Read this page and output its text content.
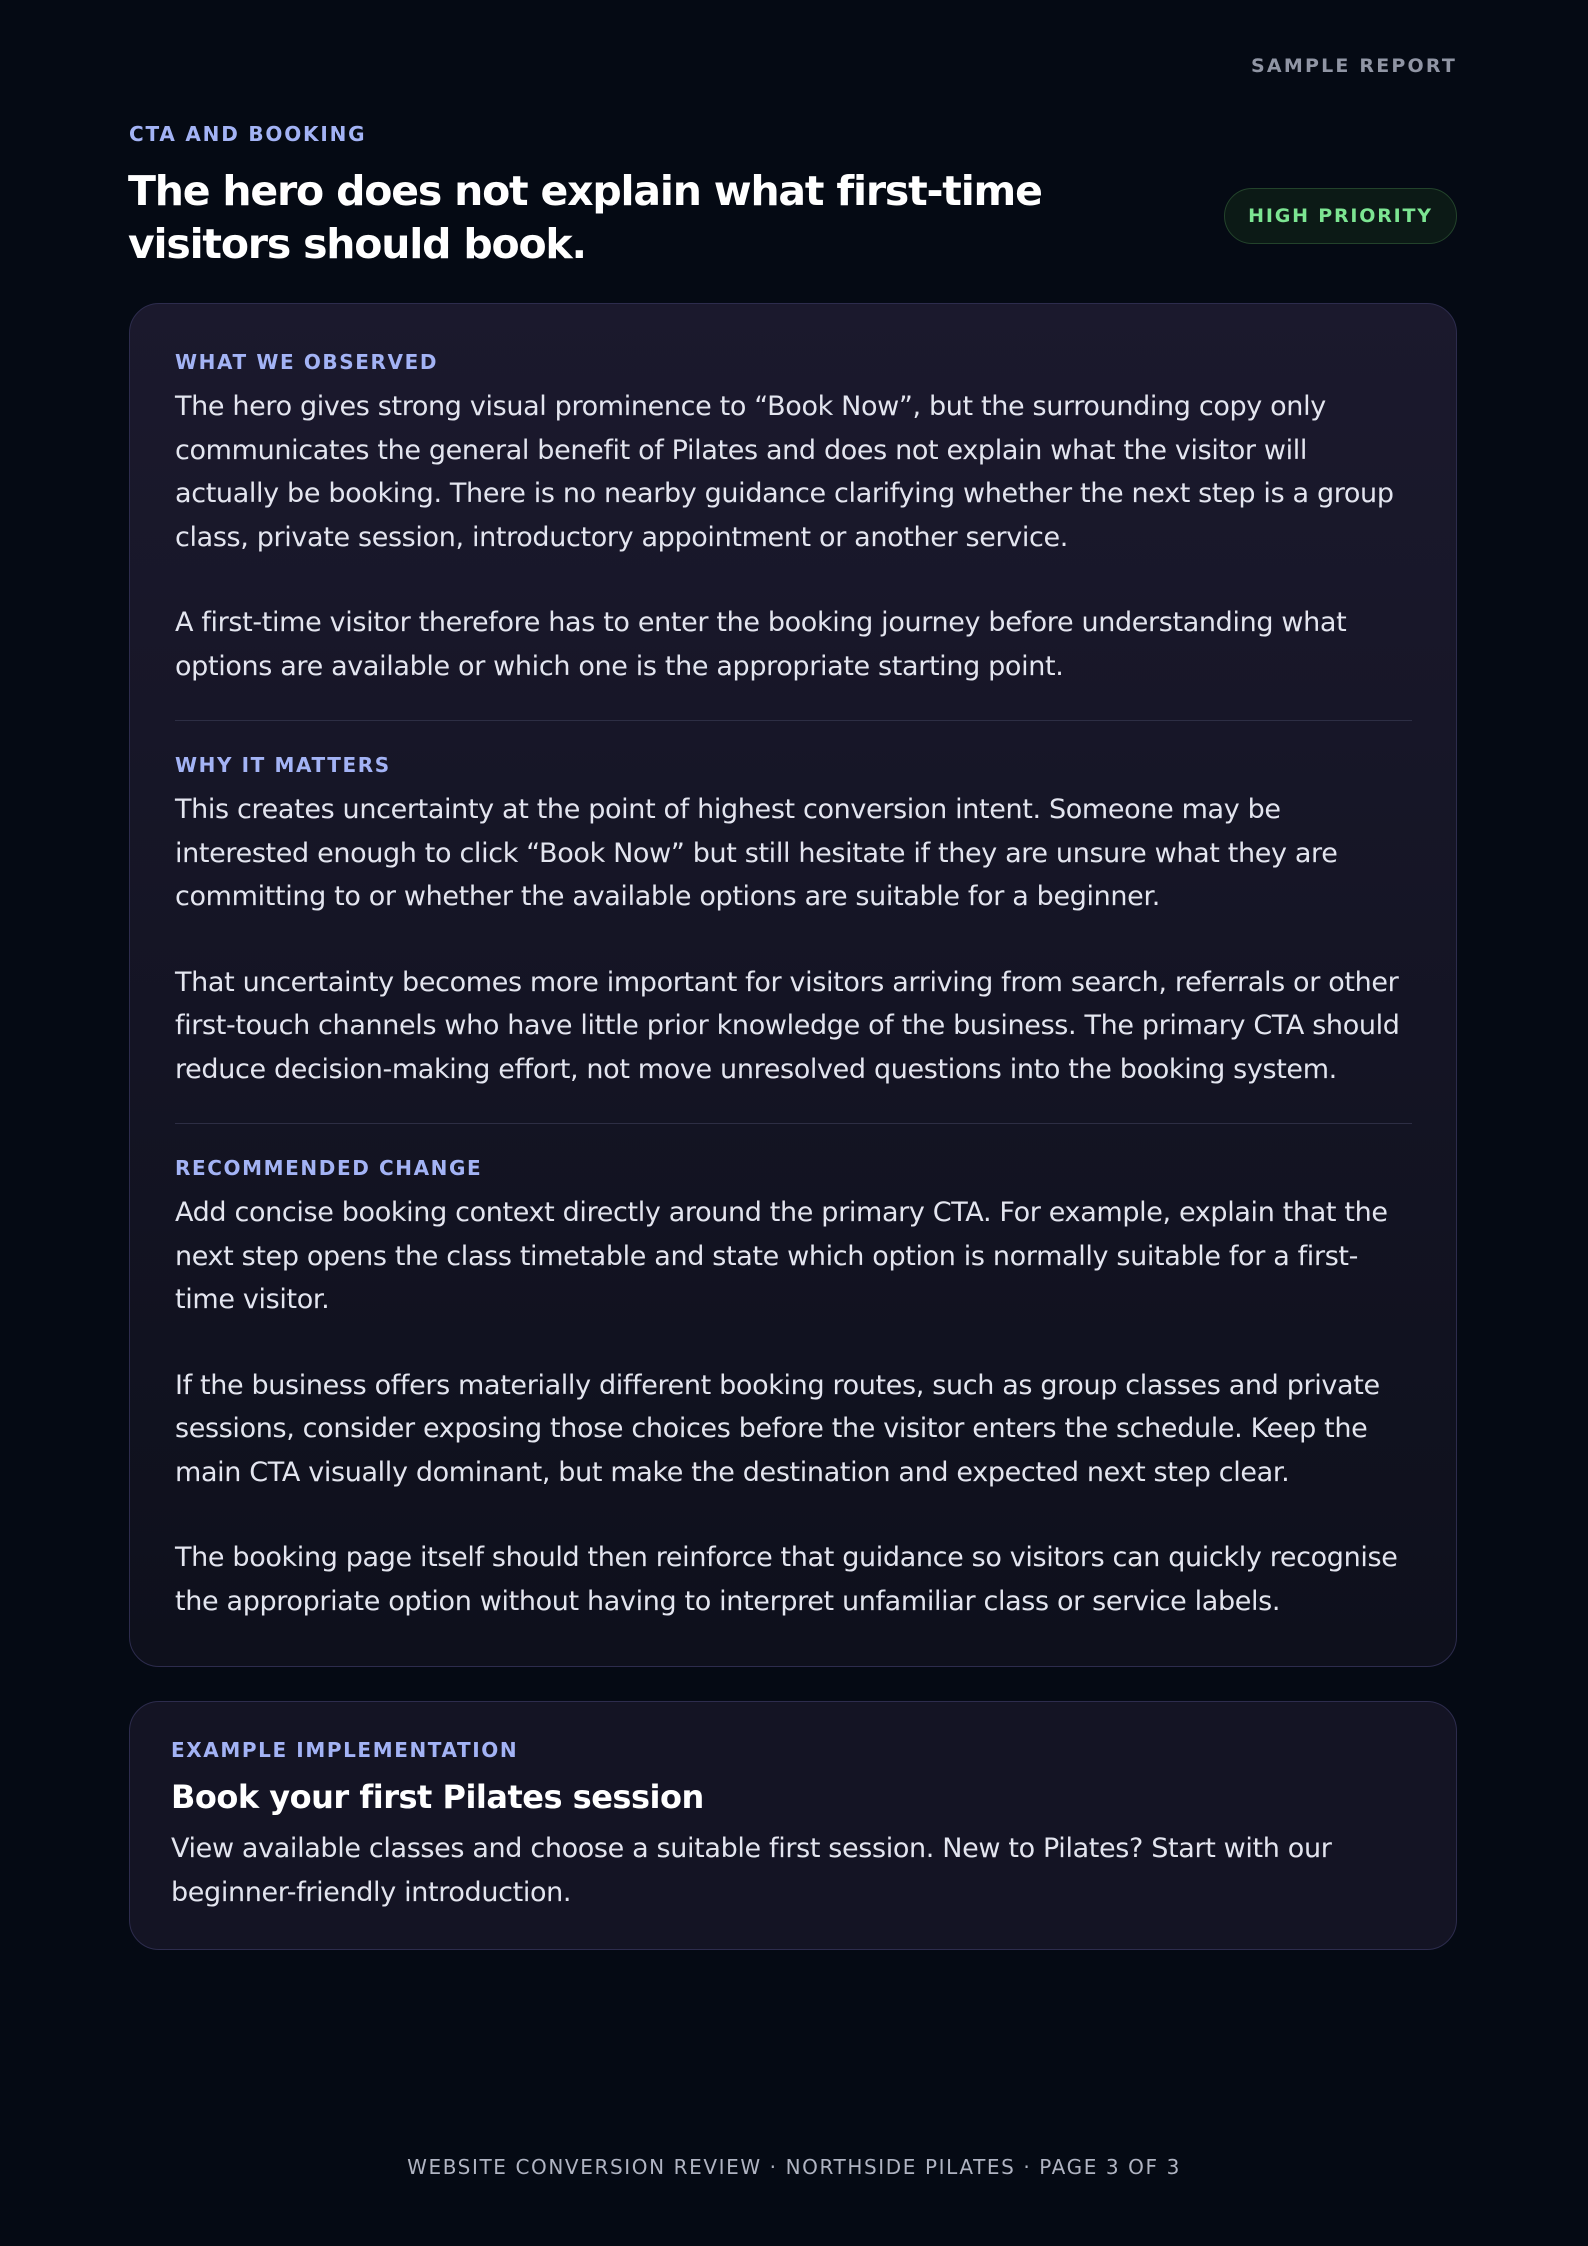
SAMPLE REPORT
CTA AND BOOKING
The hero does not explain what first-time visitors should book.
HIGH PRIORITY
WHAT WE OBSERVED

The hero gives strong visual prominence to “Book Now”, but the surrounding copy only communicates the general benefit of Pilates and does not explain what the visitor will actually be booking. There is no nearby guidance clarifying whether the next step is a group class, private session, introductory appointment or another service.

A first-time visitor therefore has to enter the booking journey before understanding what options are available or which one is the appropriate starting point.

WHY IT MATTERS

This creates uncertainty at the point of highest conversion intent. Someone may be interested enough to click “Book Now” but still hesitate if they are unsure what they are committing to or whether the available options are suitable for a beginner.

That uncertainty becomes more important for visitors arriving from search, referrals or other first-touch channels who have little prior knowledge of the business. The primary CTA should reduce decision-making effort, not move unresolved questions into the booking system.

RECOMMENDED CHANGE

Add concise booking context directly around the primary CTA. For example, explain that the next step opens the class timetable and state which option is normally suitable for a first-time visitor.

If the business offers materially different booking routes, such as group classes and private sessions, consider exposing those choices before the visitor enters the schedule. Keep the main CTA visually dominant, but make the destination and expected next step clear.

The booking page itself should then reinforce that guidance so visitors can quickly recognise the appropriate option without having to interpret unfamiliar class or service labels.

EXAMPLE IMPLEMENTATION
Book your first Pilates session

View available classes and choose a suitable first session. New to Pilates? Start with our beginner-friendly introduction.

WEBSITE CONVERSION REVIEW · NORTHSIDE PILATES · PAGE 3 OF 3
